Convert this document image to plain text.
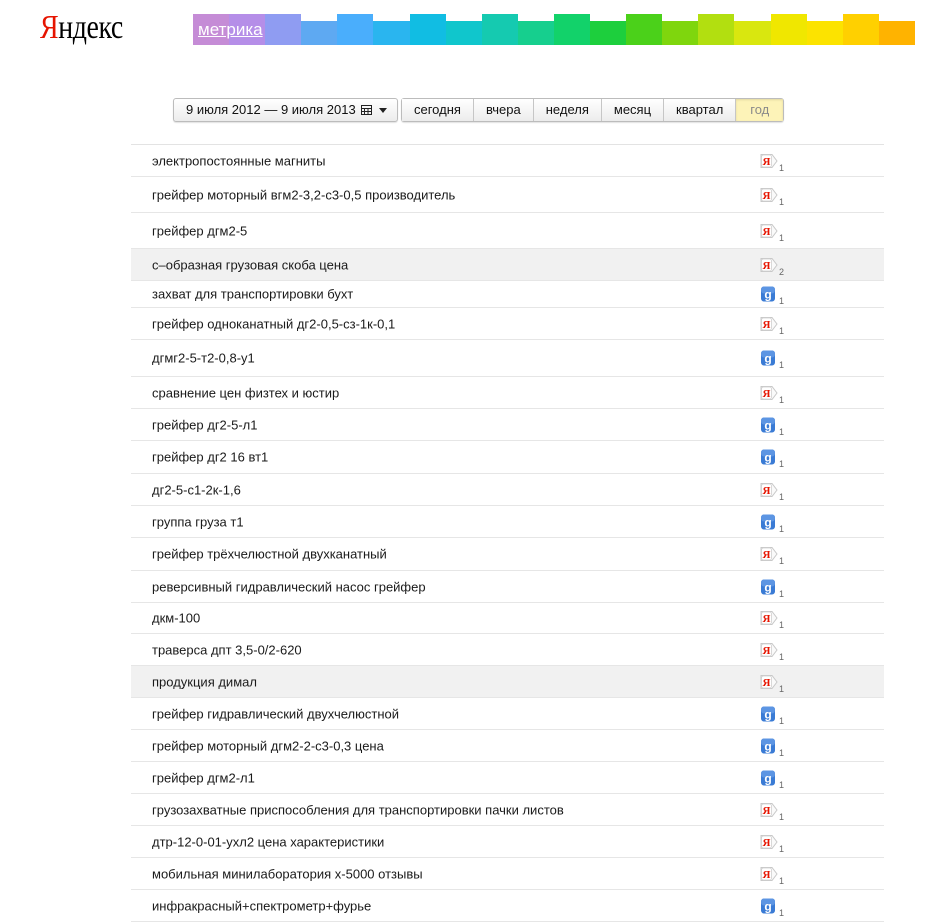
Яндекс	метрика
9 июля 2012 — 9 июля 2013	сегодня	вчера	неделя	месяц	квартал	год
электропостоянные магниты	Я 1
грейфер моторный вгм2-3,2-с3-0,5 производитель	Я 1
грейфер дгм2-5	Я 1
с–образная грузовая скоба цена	Я 2
захват для транспортировки бухт	g 1
грейфер одноканатный дг2-0,5-сз-1к-0,1	Я 1
дгмг2-5-т2-0,8-у1	g 1
сравнение цен физтех и юстир	Я 1
грейфер дг2-5-л1	g 1
грейфер дг2 16 вт1	g 1
дг2-5-с1-2к-1,6	Я 1
группа груза т1	g 1
грейфер трёхчелюстной двухканатный	Я 1
реверсивный гидравлический насос грейфер	g 1
дкм-100	Я 1
траверса дпт 3,5-0/2-620	Я 1
продукция димал	Я 1
грейфер гидравлический двухчелюстной	g 1
грейфер моторный дгм2-2-с3-0,3 цена	g 1
грейфер дгм2-л1	g 1
грузозахватные приспособления для транспортировки пачки листов	Я 1
дтр-12-0-01-ухл2 цена характеристики	Я 1
мобильная минилаборатория х-5000 отзывы	Я 1
инфракрасный+спектрометр+фурье	g 1
